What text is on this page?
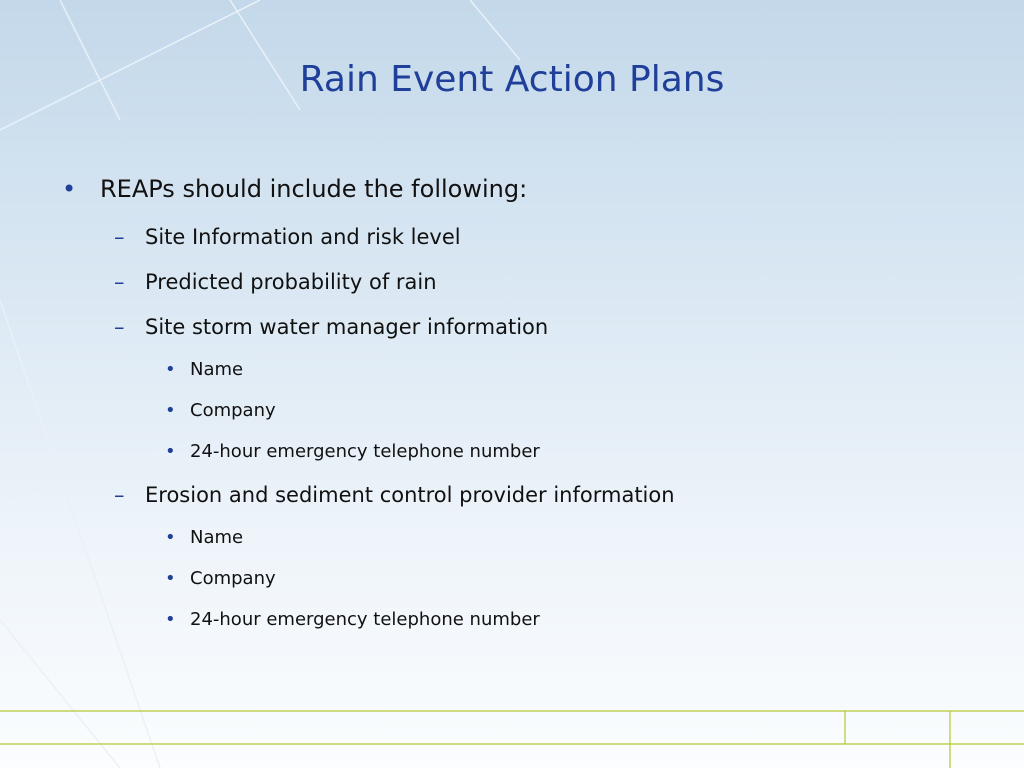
Rain Event Action Plans
• REAPs should include the following:
– Site Information and risk level
– Predicted probability of rain
– Site storm water manager information
• Name
• Company
• 24-hour emergency telephone number
– Erosion and sediment control provider information
• Name
• Company
• 24-hour emergency telephone number
